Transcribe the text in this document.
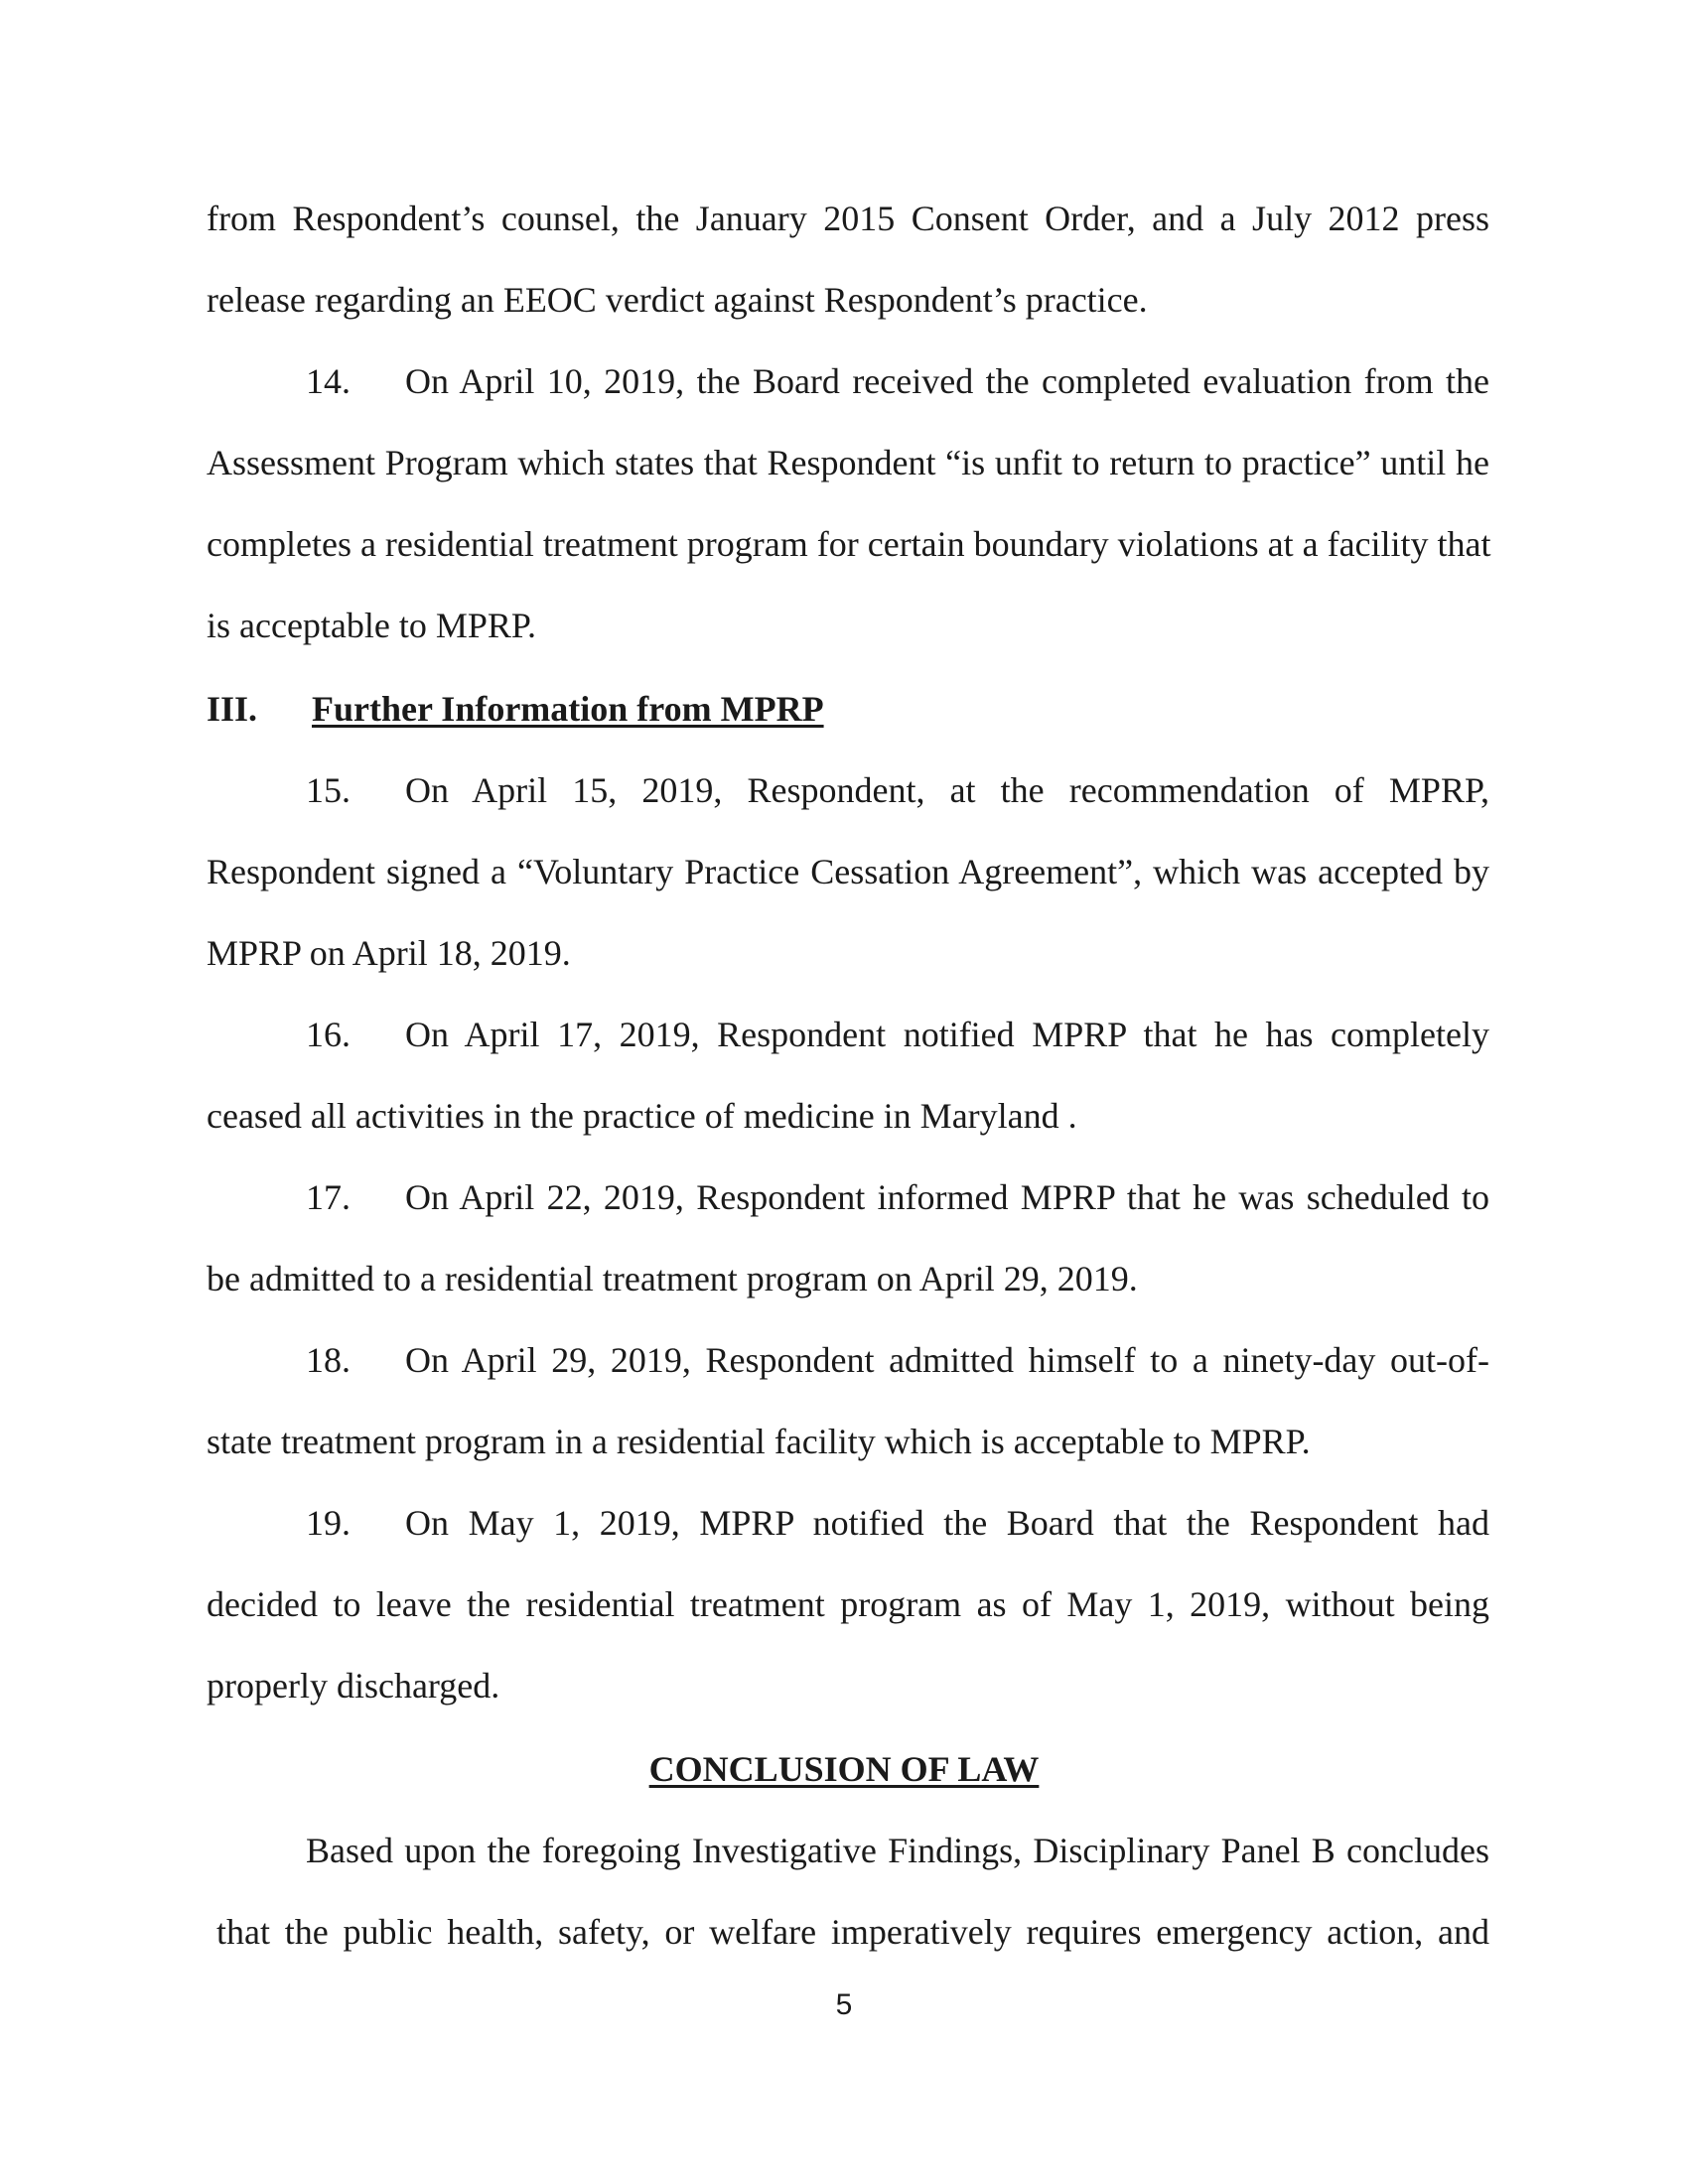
from Respondent’s counsel, the January 2015 Consent Order, and a July 2012 press
release regarding an EEOC verdict against Respondent’s practice.
14. On April 10, 2019, the Board received the completed evaluation from the
Assessment Program which states that Respondent “is unfit to return to practice” until he
completes a residential treatment program for certain boundary violations at a facility that
is acceptable to MPRP.
III. Further Information from MPRP
15. On April 15, 2019, Respondent, at the recommendation of MPRP,
Respondent signed a “Voluntary Practice Cessation Agreement”, which was accepted by
MPRP on April 18, 2019.
16. On April 17, 2019, Respondent notified MPRP that he has completely
ceased all activities in the practice of medicine in Maryland .
17. On April 22, 2019, Respondent informed MPRP that he was scheduled to
be admitted to a residential treatment program on April 29, 2019.
18. On April 29, 2019, Respondent admitted himself to a ninety-day out-of-
state treatment program in a residential facility which is acceptable to MPRP.
19. On May 1, 2019, MPRP notified the Board that the Respondent had
decided to leave the residential treatment program as of May 1, 2019, without being
properly discharged.
CONCLUSION OF LAW
Based upon the foregoing Investigative Findings, Disciplinary Panel B concludes
that the public health, safety, or welfare imperatively requires emergency action, and
5
